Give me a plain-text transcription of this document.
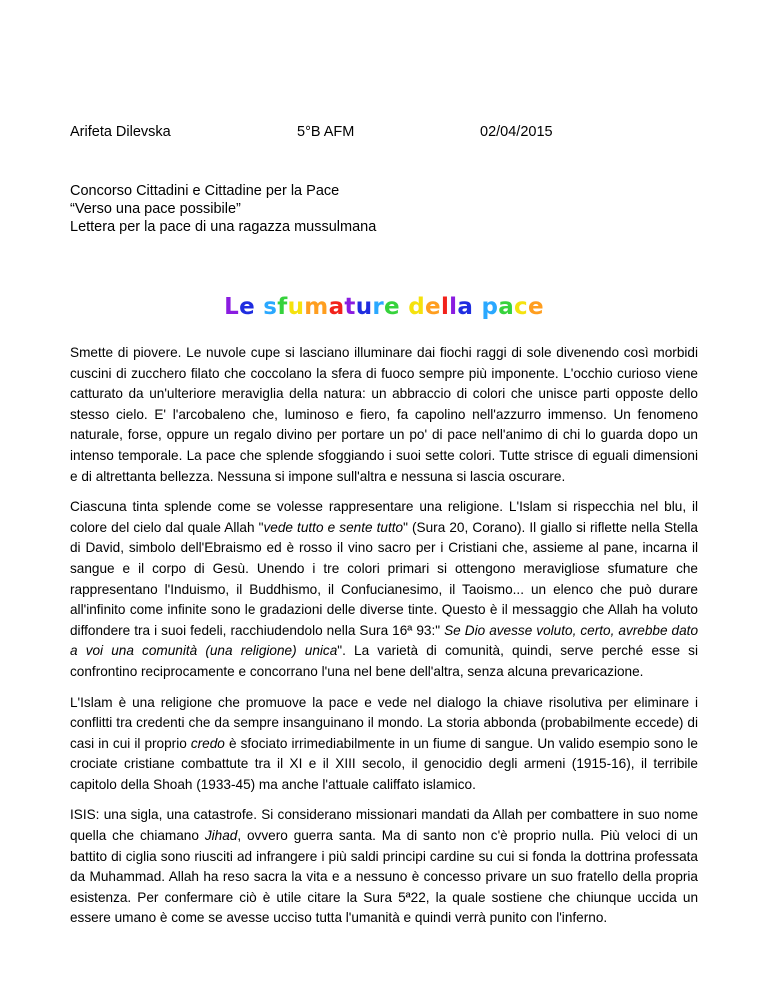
Arifeta Dilevska	5°B AFM	02/04/2015
Concorso Cittadini e Cittadine per la Pace
“Verso una pace possibile”
Lettera per la pace di una ragazza mussulmana
Le sfumature della pace

Smette di piovere. Le nuvole cupe si lasciano illuminare dai fiochi raggi di sole divenendo così morbidi cuscini di zucchero filato che coccolano la sfera di fuoco sempre più imponente. L'occhio curioso viene catturato da un'ulteriore meraviglia della natura: un abbraccio di colori che unisce parti opposte dello stesso cielo. E' l'arcobaleno che, luminoso e fiero, fa capolino nell'azzurro immenso. Un fenomeno naturale, forse, oppure un regalo divino per portare un po' di pace nell'animo di chi lo guarda dopo un intenso temporale. La pace che splende sfoggiando i suoi sette colori. Tutte strisce di eguali dimensioni e di altrettanta bellezza. Nessuna si impone sull'altra e nessuna si lascia oscurare.

Ciascuna tinta splende come se volesse rappresentare una religione. L'Islam si rispecchia nel blu, il colore del cielo dal quale Allah "vede tutto e sente tutto" (Sura 20, Corano). Il giallo si riflette nella Stella di David, simbolo dell'Ebraismo ed è rosso il vino sacro per i Cristiani che, assieme al pane, incarna il sangue e il corpo di Gesù. Unendo i tre colori primari si ottengono meravigliose sfumature che rappresentano l'Induismo, il Buddhismo, il Confucianesimo, il Taoismo... un elenco che può durare all'infinito come infinite sono le gradazioni delle diverse tinte. Questo è il messaggio che Allah ha voluto diffondere tra i suoi fedeli, racchiudendolo nella Sura 16ª 93:" Se Dio avesse voluto, certo, avrebbe dato a voi una comunità (una religione) unica". La varietà di comunità, quindi, serve perché esse si confrontino reciprocamente e concorrano l'una nel bene dell'altra, senza alcuna prevaricazione.

L'Islam è una religione che promuove la pace e vede nel dialogo la chiave risolutiva per eliminare i conflitti tra credenti che da sempre insanguinano il mondo. La storia abbonda (probabilmente eccede) di casi in cui il proprio credo è sfociato irrimediabilmente in un fiume di sangue. Un valido esempio sono le crociate cristiane combattute tra il XI e il XIII secolo, il genocidio degli armeni (1915-16), il terribile capitolo della Shoah (1933-45) ma anche l'attuale califfato islamico.

ISIS: una sigla, una catastrofe. Si considerano missionari mandati da Allah per combattere in suo nome quella che chiamano Jihad, ovvero guerra santa. Ma di santo non c'è proprio nulla. Più veloci di un battito di ciglia sono riusciti ad infrangere i più saldi principi cardine su cui si fonda la dottrina professata da Muhammad. Allah ha reso sacra la vita e a nessuno è concesso privare un suo fratello della propria esistenza. Per confermare ciò è utile citare la Sura 5ª22, la quale sostiene che chiunque uccida un essere umano è come se avesse ucciso tutta l'umanità e quindi verrà punito con l'inferno.
